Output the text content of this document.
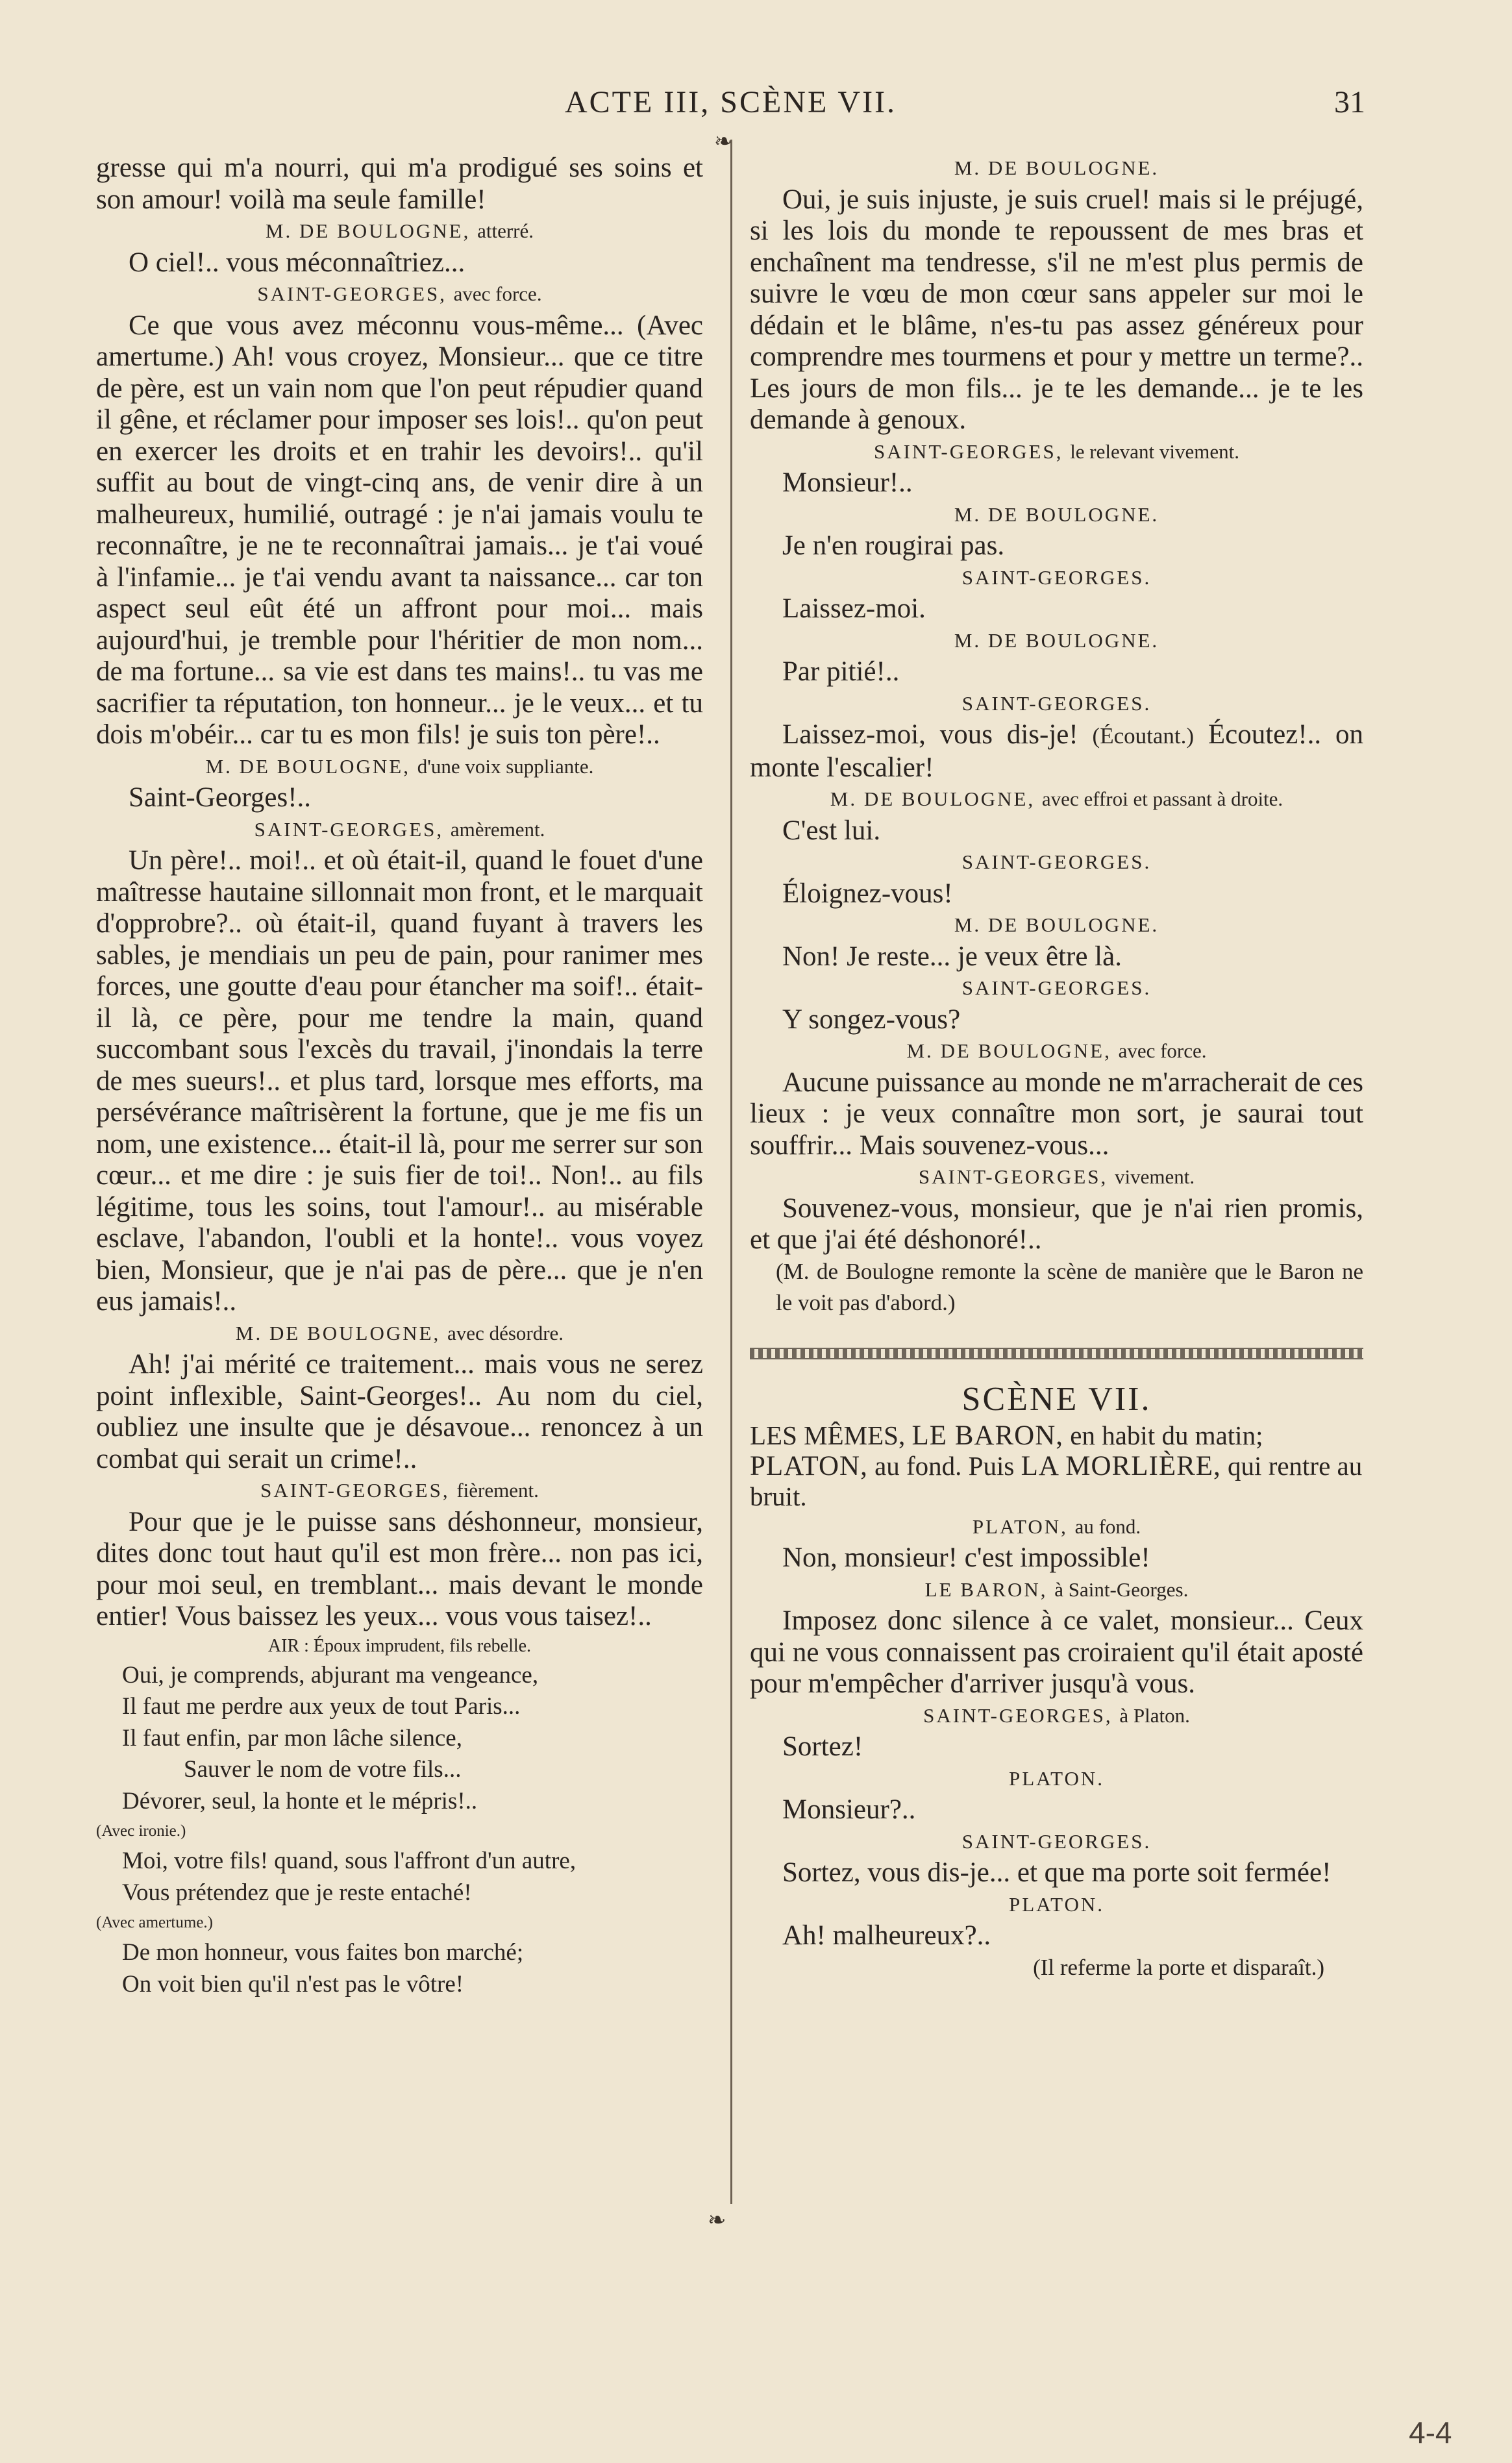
ACTE III, SCÈNE VII.	31
❧

gresse qui m'a nourri, qui m'a prodigué ses soins et son amour! voilà ma seule famille!

M. DE BOULOGNE, atterré.

O ciel!.. vous méconnaîtriez...

SAINT-GEORGES, avec force.

Ce que vous avez méconnu vous-même... (Avec amertume.) Ah! vous croyez, Monsieur... que ce titre de père, est un vain nom que l'on peut répudier quand il gêne, et réclamer pour imposer ses lois!.. qu'on peut en exercer les droits et en trahir les devoirs!.. qu'il suffit au bout de vingt-cinq ans, de venir dire à un malheureux, humilié, outragé : je n'ai jamais voulu te reconnaître, je ne te reconnaîtrai jamais... je t'ai voué à l'infamie... je t'ai vendu avant ta naissance... car ton aspect seul eût été un affront pour moi... mais aujourd'hui, je tremble pour l'héritier de mon nom... de ma fortune... sa vie est dans tes mains!.. tu vas me sacrifier ta réputation, ton honneur... je le veux... et tu dois m'obéir... car tu es mon fils! je suis ton père!..

M. DE BOULOGNE, d'une voix suppliante.

Saint-Georges!..

SAINT-GEORGES, amèrement.

Un père!.. moi!.. et où était-il, quand le fouet d'une maîtresse hautaine sillonnait mon front, et le marquait d'opprobre?.. où était-il, quand fuyant à travers les sables, je mendiais un peu de pain, pour ranimer mes forces, une goutte d'eau pour étancher ma soif!.. était-il là, ce père, pour me tendre la main, quand succombant sous l'excès du travail, j'inondais la terre de mes sueurs!.. et plus tard, lorsque mes efforts, ma persévérance maîtrisèrent la fortune, que je me fis un nom, une existence... était-il là, pour me serrer sur son cœur... et me dire : je suis fier de toi!.. Non!.. au fils légitime, tous les soins, tout l'amour!.. au misérable esclave, l'abandon, l'oubli et la honte!.. vous voyez bien, Monsieur, que je n'ai pas de père... que je n'en eus jamais!..

M. DE BOULOGNE, avec désordre.

Ah! j'ai mérité ce traitement... mais vous ne serez point inflexible, Saint-Georges!.. Au nom du ciel, oubliez une insulte que je désavoue... renoncez à un combat qui serait un crime!..

SAINT-GEORGES, fièrement.

Pour que je le puisse sans déshonneur, monsieur, dites donc tout haut qu'il est mon frère... non pas ici, pour moi seul, en tremblant... mais devant le monde entier! Vous baissez les yeux... vous vous taisez!..

AIR : Époux imprudent, fils rebelle.

Oui, je comprends, abjurant ma vengeance,

Il faut me perdre aux yeux de tout Paris...

Il faut enfin, par mon lâche silence,

Sauver le nom de votre fils...

Dévorer, seul, la honte et le mépris!..

(Avec ironie.)

Moi, votre fils! quand, sous l'affront d'un autre,

Vous prétendez que je reste entaché!

(Avec amertume.)

De mon honneur, vous faites bon marché;

On voit bien qu'il n'est pas le vôtre!

M. DE BOULOGNE.

Oui, je suis injuste, je suis cruel! mais si le préjugé, si les lois du monde te repoussent de mes bras et enchaînent ma tendresse, s'il ne m'est plus permis de suivre le vœu de mon cœur sans appeler sur moi le dédain et le blâme, n'es-tu pas assez généreux pour comprendre mes tourmens et pour y mettre un terme?.. Les jours de mon fils... je te les demande... je te les demande à genoux.

SAINT-GEORGES, le relevant vivement.

Monsieur!..

M. DE BOULOGNE.

Je n'en rougirai pas.

SAINT-GEORGES.

Laissez-moi.

M. DE BOULOGNE.

Par pitié!..

SAINT-GEORGES.

Laissez-moi, vous dis-je! (Écoutant.) Écoutez!.. on monte l'escalier!

M. DE BOULOGNE, avec effroi et passant à droite.

C'est lui.

SAINT-GEORGES.

Éloignez-vous!

M. DE BOULOGNE.

Non! Je reste... je veux être là.

SAINT-GEORGES.

Y songez-vous?

M. DE BOULOGNE, avec force.

Aucune puissance au monde ne m'arracherait de ces lieux : je veux connaître mon sort, je saurai tout souffrir... Mais souvenez-vous...

SAINT-GEORGES, vivement.

Souvenez-vous, monsieur, que je n'ai rien promis, et que j'ai été déshonoré!..

(M. de Boulogne remonte la scène de manière que le Baron ne le voit pas d'abord.)

SCÈNE VII.

LES MÊMES, LE BARON, en habit du matin; PLATON, au fond. Puis LA MORLIÈRE, qui rentre au bruit.

PLATON, au fond.

Non, monsieur! c'est impossible!

LE BARON, à Saint-Georges.

Imposez donc silence à ce valet, monsieur... Ceux qui ne vous connaissent pas croiraient qu'il était aposté pour m'empêcher d'arriver jusqu'à vous.

SAINT-GEORGES, à Platon.

Sortez!

PLATON.

Monsieur?..

SAINT-GEORGES.

Sortez, vous dis-je... et que ma porte soit fermée!

PLATON.

Ah! malheureux?..

(Il referme la porte et disparaît.)

❧
4-4
